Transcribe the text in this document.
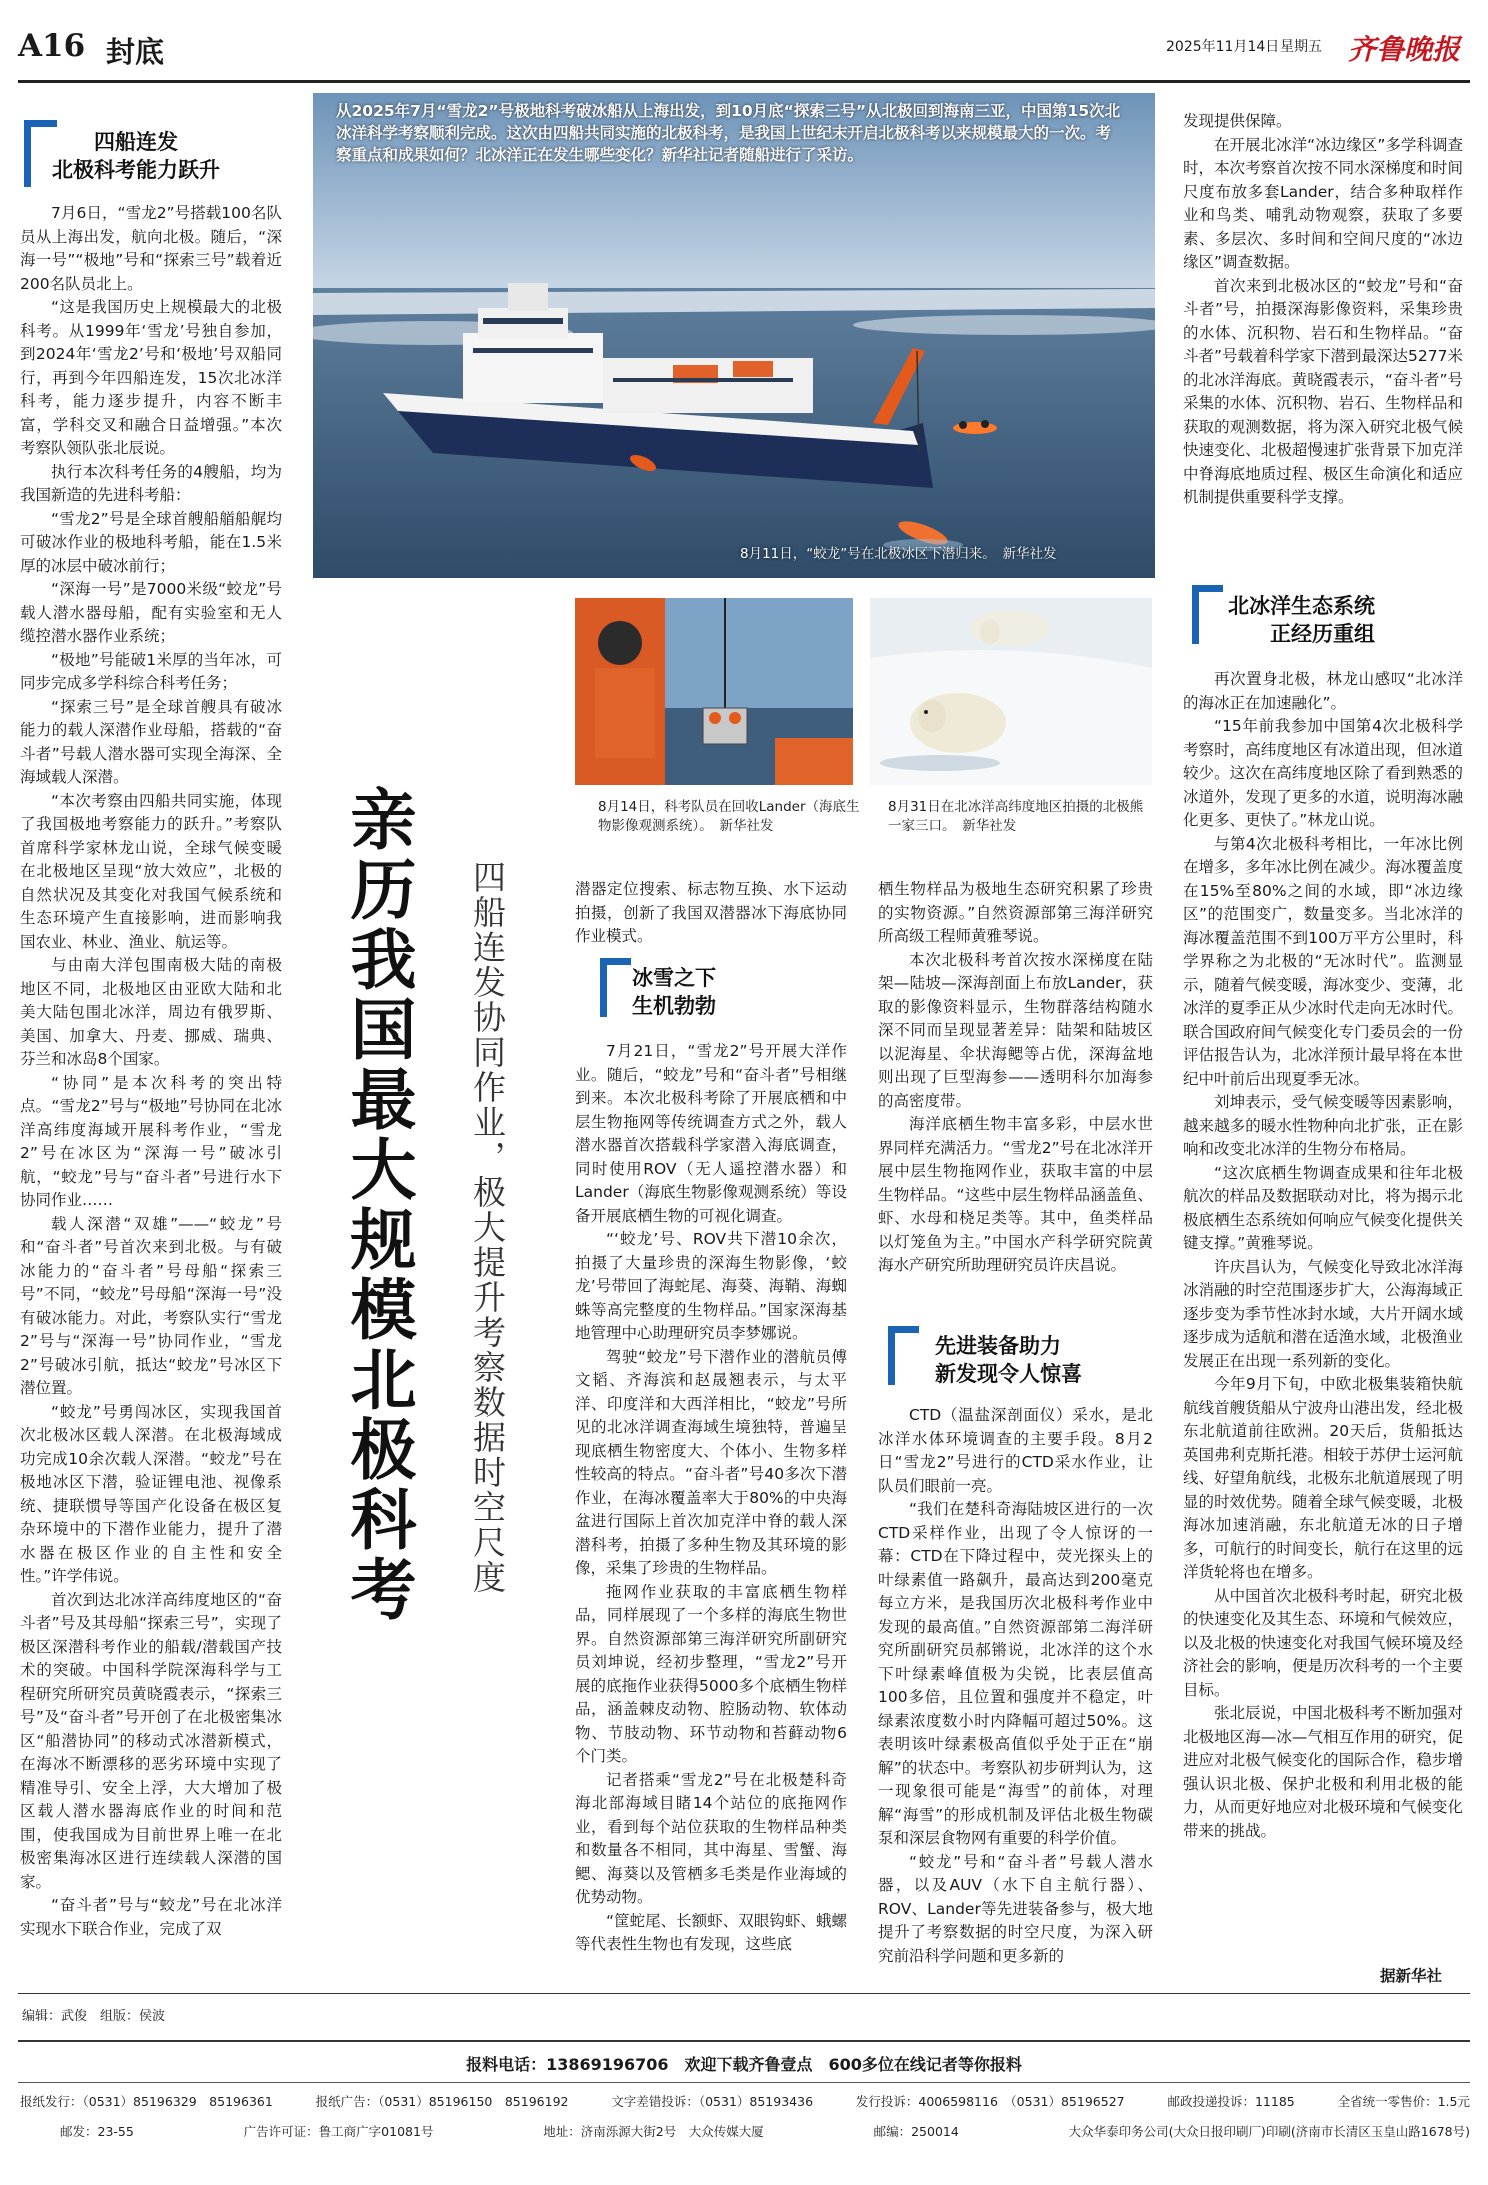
A16 封底	2025年11月14日 星期五 齐鲁晚报
四船连发
北极科考能力跃升

7月6日，“雪龙2”号搭载100名队员从上海出发，航向北极。随后，“深海一号”“极地”号和“探索三号”载着近200名队员北上。

“这是我国历史上规模最大的北极科考。从1999年‘雪龙’号独自参加，到2024年‘雪龙2’号和‘极地’号双船同行，再到今年四船连发，15次北冰洋科考，能力逐步提升，内容不断丰富，学科交叉和融合日益增强。”本次考察队领队张北辰说。

执行本次科考任务的4艘船，均为我国新造的先进科考船：

“雪龙2”号是全球首艘船艏船艉均可破冰作业的极地科考船，能在1.5米厚的冰层中破冰前行；

“深海一号”是7000米级“蛟龙”号载人潜水器母船，配有实验室和无人缆控潜水器作业系统；

“极地”号能破1米厚的当年冰，可同步完成多学科综合科考任务；

“探索三号”是全球首艘具有破冰能力的载人深潜作业母船，搭载的“奋斗者”号载人潜水器可实现全海深、全海域载人深潜。

“本次考察由四船共同实施，体现了我国极地考察能力的跃升。”考察队首席科学家林龙山说，全球气候变暖在北极地区呈现“放大效应”，北极的自然状况及其变化对我国气候系统和生态环境产生直接影响，进而影响我国农业、林业、渔业、航运等。

与由南大洋包围南极大陆的南极地区不同，北极地区由亚欧大陆和北美大陆包围北冰洋，周边有俄罗斯、美国、加拿大、丹麦、挪威、瑞典、芬兰和冰岛8个国家。

“协同”是本次科考的突出特点。“雪龙2”号与“极地”号协同在北冰洋高纬度海域开展科考作业，“雪龙2”号在冰区为“深海一号”破冰引航，“蛟龙”号与“奋斗者”号进行水下协同作业……

载人深潜“双雄”——“蛟龙”号和“奋斗者”号首次来到北极。与有破冰能力的“奋斗者”号母船“探索三号”不同，“蛟龙”号母船“深海一号”没有破冰能力。对此，考察队实行“雪龙2”号与“深海一号”协同作业，“雪龙2”号破冰引航，抵达“蛟龙”号冰区下潜位置。

“蛟龙”号勇闯冰区，实现我国首次北极冰区载人深潜。在北极海域成功完成10余次载人深潜。“蛟龙”号在极地冰区下潜，验证锂电池、视像系统、捷联惯导等国产化设备在极区复杂环境中的下潜作业能力，提升了潜水器在极区作业的自主性和安全性。”许学伟说。

首次到达北冰洋高纬度地区的“奋斗者”号及其母船“探索三号”，实现了极区深潜科考作业的船载/潜载国产技术的突破。中国科学院深海科学与工程研究所研究员黄晓霞表示，“探索三号”及“奋斗者”号开创了在北极密集冰区“船潜协同”的移动式冰潜新模式，在海冰不断漂移的恶劣环境中实现了精准导引、安全上浮，大大增加了极区载人潜水器海底作业的时间和范围，使我国成为目前世界上唯一在北极密集海冰区进行连续载人深潜的国家。

“奋斗者”号与“蛟龙”号在北冰洋实现水下联合作业，完成了双

从2025年7月“雪龙2”号极地科考破冰船从上海出发，到10月底“探索三号”从北极回到海南三亚，中国第15次北冰洋科学考察顺利完成。这次由四船共同实施的北极科考，是我国上世纪末开启北极科考以来规模最大的一次。考察重点和成果如何？北冰洋正在发生哪些变化？新华社记者随船进行了采访。
8月11日，“蛟龙”号在北极冰区下潜归来。　新华社发
亲历我国最大规模北极科考	四船连发协同作业，极大提升考察数据时空尺度
8月14日，科考队员在回收Lander（海底生物影像观测系统）。　新华社发
8月31日在北冰洋高纬度地区拍摄的北极熊一家三口。　新华社发

潜器定位搜索、标志物互换、水下运动拍摄，创新了我国双潜器冰下海底协同作业模式。

冰雪之下
生机勃勃

7月21日，“雪龙2”号开展大洋作业。随后，“蛟龙”号和“奋斗者”号相继到来。本次北极科考除了开展底栖和中层生物拖网等传统调查方式之外，载人潜水器首次搭载科学家潜入海底调查，同时使用ROV（无人遥控潜水器）和Lander（海底生物影像观测系统）等设备开展底栖生物的可视化调查。

“‘蛟龙’号、ROV共下潜10余次，拍摄了大量珍贵的深海生物影像，‘蛟龙’号带回了海蛇尾、海葵、海鞘、海蜘蛛等高完整度的生物样品。”国家深海基地管理中心助理研究员李梦娜说。

驾驶“蛟龙”号下潜作业的潜航员傅文韬、齐海滨和赵晟翘表示，与太平洋、印度洋和大西洋相比，“蛟龙”号所见的北冰洋调查海域生境独特，普遍呈现底栖生物密度大、个体小、生物多样性较高的特点。“奋斗者”号40多次下潜作业，在海冰覆盖率大于80%的中央海盆进行国际上首次加克洋中脊的载人深潜科考，拍摄了多种生物及其环境的影像，采集了珍贵的生物样品。

拖网作业获取的丰富底栖生物样品，同样展现了一个多样的海底生物世界。自然资源部第三海洋研究所副研究员刘坤说，经初步整理，“雪龙2”号开展的底拖作业获得5000多个底栖生物样品，涵盖棘皮动物、腔肠动物、软体动物、节肢动物、环节动物和苔藓动物6个门类。

记者搭乘“雪龙2”号在北极楚科奇海北部海域目睹14个站位的底拖网作业，看到每个站位获取的生物样品种类和数量各不相同，其中海星、雪蟹、海鳃、海葵以及管栖多毛类是作业海域的优势动物。

“筐蛇尾、长额虾、双眼钩虾、蛾螺等代表性生物也有发现，这些底

栖生物样品为极地生态研究积累了珍贵的实物资源。”自然资源部第三海洋研究所高级工程师黄雅琴说。

本次北极科考首次按水深梯度在陆架—陆坡—深海剖面上布放Lander，获取的影像资料显示，生物群落结构随水深不同而呈现显著差异：陆架和陆坡区以泥海星、伞状海鳃等占优，深海盆地则出现了巨型海参——透明科尔加海参的高密度带。

海洋底栖生物丰富多彩，中层水世界同样充满活力。“雪龙2”号在北冰洋开展中层生物拖网作业，获取丰富的中层生物样品。“这些中层生物样品涵盖鱼、虾、水母和桡足类等。其中，鱼类样品以灯笼鱼为主。”中国水产科学研究院黄海水产研究所助理研究员许庆昌说。

先进装备助力
新发现令人惊喜

CTD（温盐深剖面仪）采水，是北冰洋水体环境调查的主要手段。8月2日“雪龙2”号进行的CTD采水作业，让队员们眼前一亮。

“我们在楚科奇海陆坡区进行的一次CTD采样作业，出现了令人惊讶的一幕：CTD在下降过程中，荧光探头上的叶绿素值一路飙升，最高达到200毫克每立方米，是我国历次北极科考作业中发现的最高值。”自然资源部第二海洋研究所副研究员郝锵说，北冰洋的这个水下叶绿素峰值极为尖锐，比表层值高100多倍，且位置和强度并不稳定，叶绿素浓度数小时内降幅可超过50%。这表明该叶绿素极高值似乎处于正在“崩解”的状态中。考察队初步研判认为，这一现象很可能是“海雪”的前体，对理解“海雪”的形成机制及评估北极生物碳泵和深层食物网有重要的科学价值。

“蛟龙”号和“奋斗者”号载人潜水器，以及AUV（水下自主航行器）、ROV、Lander等先进装备参与，极大地提升了考察数据的时空尺度，为深入研究前沿科学问题和更多新的

发现提供保障。

在开展北冰洋“冰边缘区”多学科调查时，本次考察首次按不同水深梯度和时间尺度布放多套Lander，结合多种取样作业和鸟类、哺乳动物观察，获取了多要素、多层次、多时间和空间尺度的“冰边缘区”调查数据。

首次来到北极冰区的“蛟龙”号和“奋斗者”号，拍摄深海影像资料，采集珍贵的水体、沉积物、岩石和生物样品。“奋斗者”号载着科学家下潜到最深达5277米的北冰洋海底。黄晓霞表示，“奋斗者”号采集的水体、沉积物、岩石、生物样品和获取的观测数据，将为深入研究北极气候快速变化、北极超慢速扩张背景下加克洋中脊海底地质过程、极区生命演化和适应机制提供重要科学支撑。

北冰洋生态系统
正经历重组

再次置身北极，林龙山感叹“北冰洋的海冰正在加速融化”。

“15年前我参加中国第4次北极科学考察时，高纬度地区有冰道出现，但冰道较少。这次在高纬度地区除了看到熟悉的冰道外，发现了更多的水道，说明海冰融化更多、更快了。”林龙山说。

与第4次北极科考相比，一年冰比例在增多，多年冰比例在减少。海冰覆盖度在15%至80%之间的水域，即“冰边缘区”的范围变广，数量变多。当北冰洋的海冰覆盖范围不到100万平方公里时，科学界称之为北极的“无冰时代”。监测显示，随着气候变暖，海冰变少、变薄，北冰洋的夏季正从少冰时代走向无冰时代。联合国政府间气候变化专门委员会的一份评估报告认为，北冰洋预计最早将在本世纪中叶前后出现夏季无冰。

刘坤表示，受气候变暖等因素影响，越来越多的暖水性物种向北扩张，正在影响和改变北冰洋的生物分布格局。

“这次底栖生物调查成果和往年北极航次的样品及数据联动对比，将为揭示北极底栖生态系统如何响应气候变化提供关键支撑。”黄雅琴说。

许庆昌认为，气候变化导致北冰洋海冰消融的时空范围逐步扩大，公海海域正逐步变为季节性冰封水域，大片开阔水域逐步成为适航和潜在适渔水域，北极渔业发展正在出现一系列新的变化。

今年9月下旬，中欧北极集装箱快航航线首艘货船从宁波舟山港出发，经北极东北航道前往欧洲。20天后，货船抵达英国弗利克斯托港。相较于苏伊士运河航线、好望角航线，北极东北航道展现了明显的时效优势。随着全球气候变暖，北极海冰加速消融，东北航道无冰的日子增多，可航行的时间变长，航行在这里的远洋货轮将也在增多。

从中国首次北极科考时起，研究北极的快速变化及其生态、环境和气候效应，以及北极的快速变化对我国气候环境及经济社会的影响，便是历次科考的一个主要目标。

张北辰说，中国北极科考不断加强对北极地区海—冰—气相互作用的研究，促进应对北极气候变化的国际合作，稳步增强认识北极、保护北极和利用北极的能力，从而更好地应对北极环境和气候变化带来的挑战。

据新华社
编辑：武俊　组版：侯波
报料电话：13869196706　欢迎下载齐鲁壹点　600多位在线记者等你报料
报纸发行：（0531）85196329　85196361	报纸广告：（0531）85196150　85196192	文字差错投诉：（0531）85193436	发行投诉：4006598116　（0531）85196527	邮政投递投诉：11185	全省统一零售价：1.5元
邮发：23-55	广告许可证：鲁工商广字01081号	地址：济南泺源大街2号　大众传媒大厦	邮编：250014	大众华泰印务公司(大众日报印刷厂)印刷(济南市长清区玉皇山路1678号)
